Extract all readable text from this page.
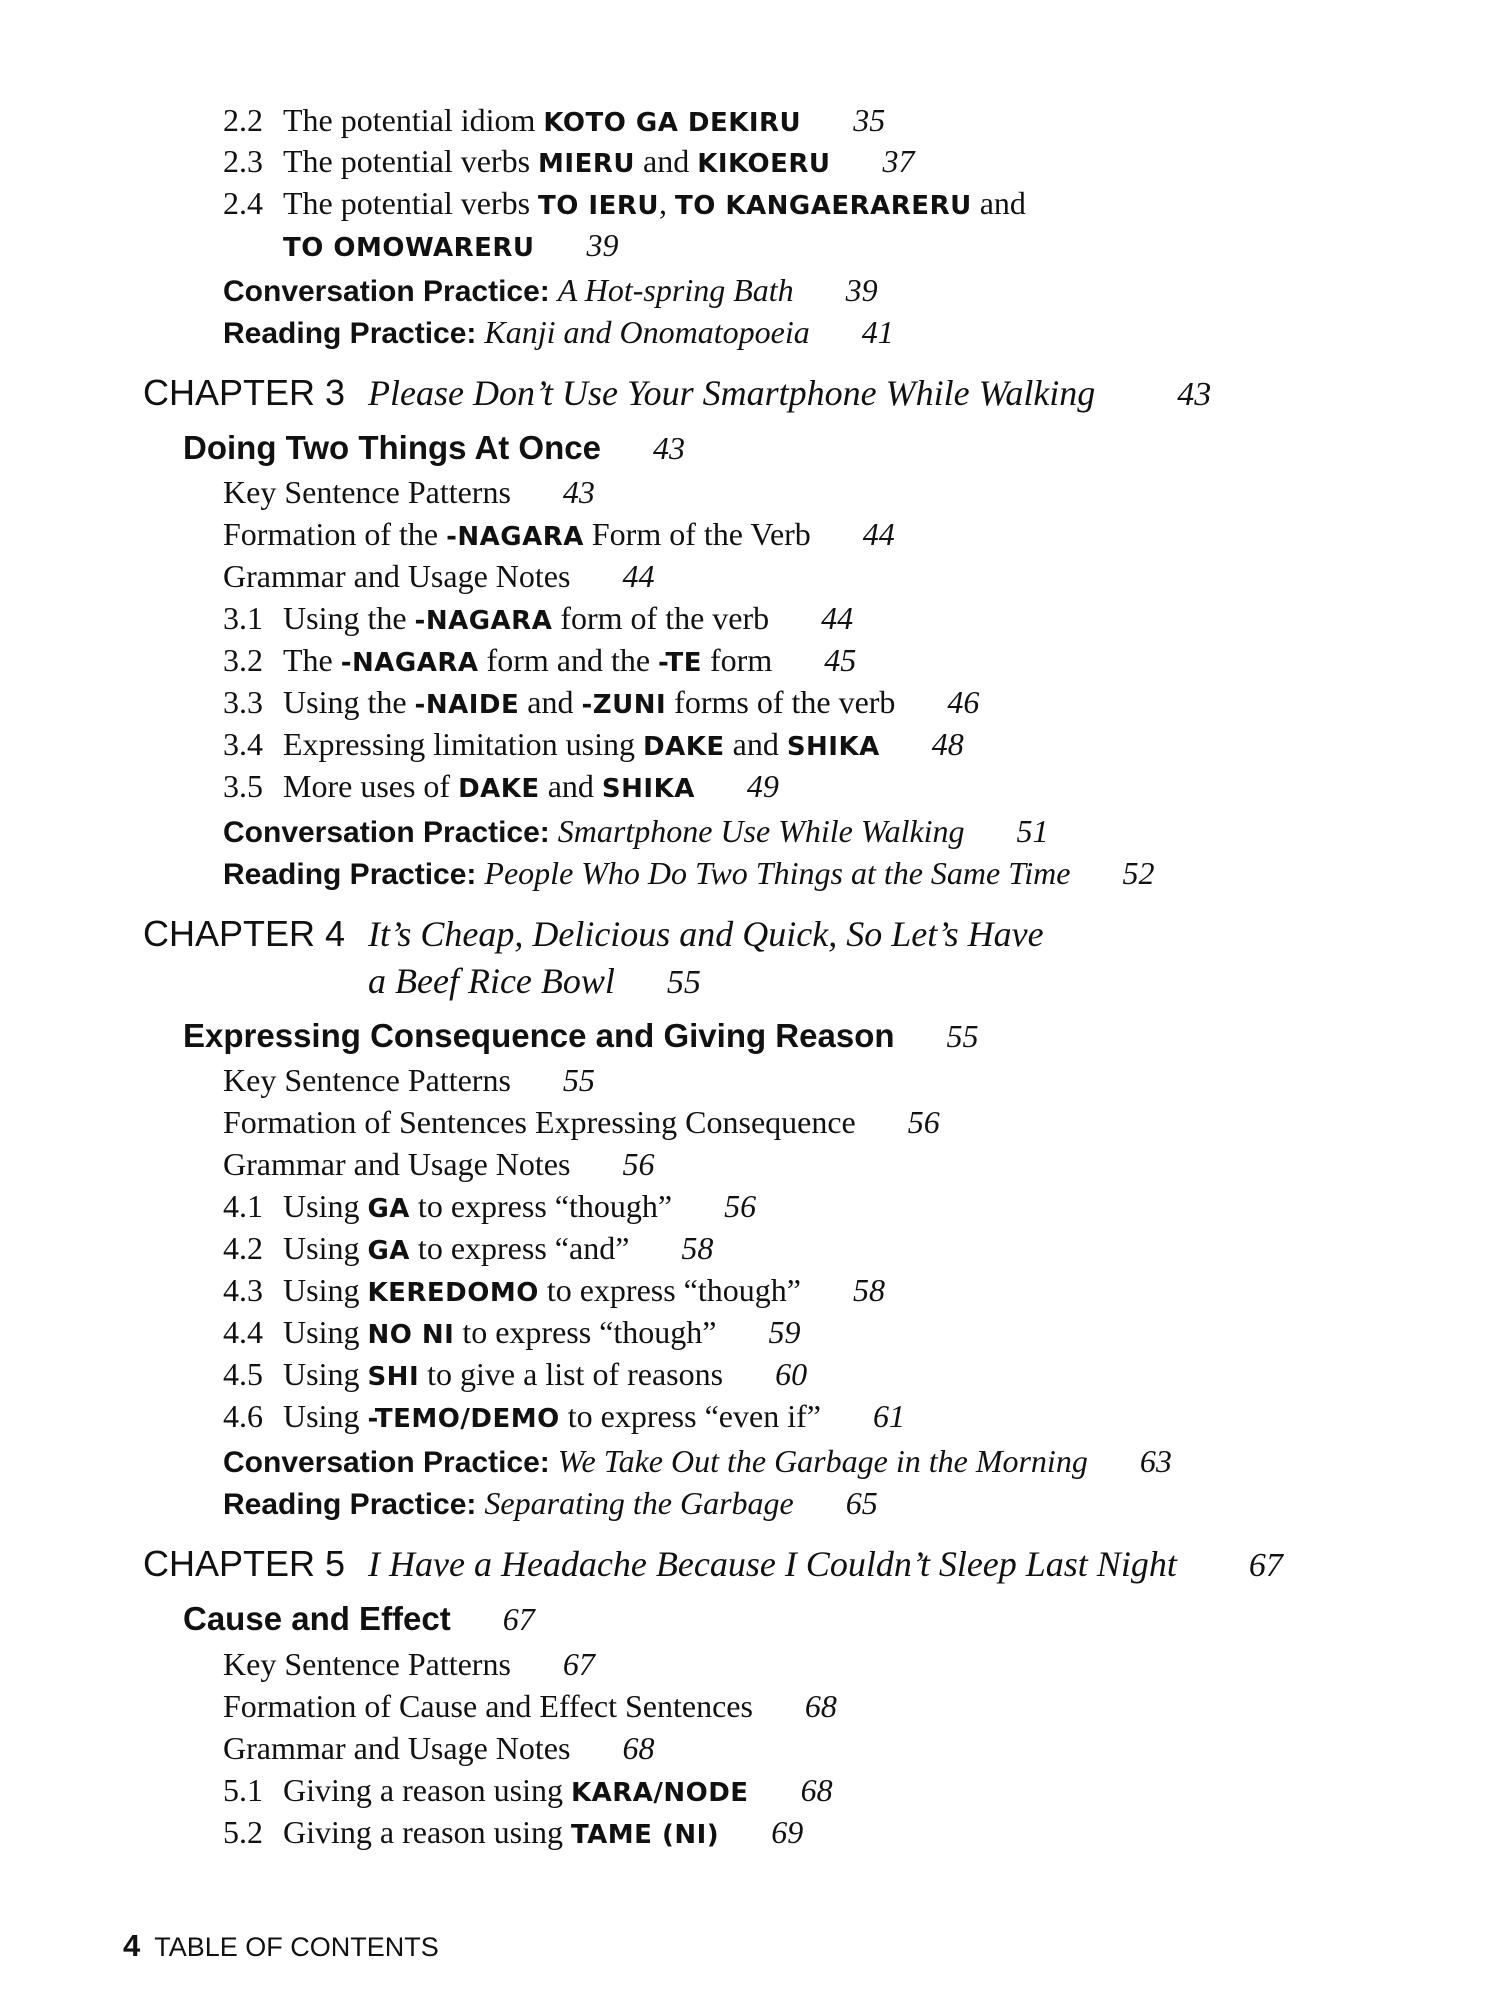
2.2 The potential idiom KOTO GA DEKIRU 35
2.3 The potential verbs MIERU and KIKOERU 37
2.4 The potential verbs TO IERU, TO KANGAERARERU and
TO OMOWARERU 39
Conversation Practice: A Hot-spring Bath 39
Reading Practice: Kanji and Onomatopoeia 41
CHAPTER 3 Please Don’t Use Your Smartphone While Walking 43
Doing Two Things At Once 43
Key Sentence Patterns 43
Formation of the -NAGARA Form of the Verb 44
Grammar and Usage Notes 44
3.1 Using the -NAGARA form of the verb 44
3.2 The -NAGARA form and the -TE form 45
3.3 Using the -NAIDE and -ZUNI forms of the verb 46
3.4 Expressing limitation using DAKE and SHIKA 48
3.5 More uses of DAKE and SHIKA 49
Conversation Practice: Smartphone Use While Walking 51
Reading Practice: People Who Do Two Things at the Same Time 52
CHAPTER 4 It’s Cheap, Delicious and Quick, So Let’s Have
a Beef Rice Bowl 55
Expressing Consequence and Giving Reason 55
Key Sentence Patterns 55
Formation of Sentences Expressing Consequence 56
Grammar and Usage Notes 56
4.1 Using GA to express “though” 56
4.2 Using GA to express “and” 58
4.3 Using KEREDOMO to express “though” 58
4.4 Using NO NI to express “though” 59
4.5 Using SHI to give a list of reasons 60
4.6 Using -TEMO/DEMO to express “even if” 61
Conversation Practice: We Take Out the Garbage in the Morning 63
Reading Practice: Separating the Garbage 65
CHAPTER 5 I Have a Headache Because I Couldn’t Sleep Last Night 67
Cause and Effect 67
Key Sentence Patterns 67
Formation of Cause and Effect Sentences 68
Grammar and Usage Notes 68
5.1 Giving a reason using KARA/NODE 68
5.2 Giving a reason using TAME (NI) 69
4 TABLE OF CONTENTS
